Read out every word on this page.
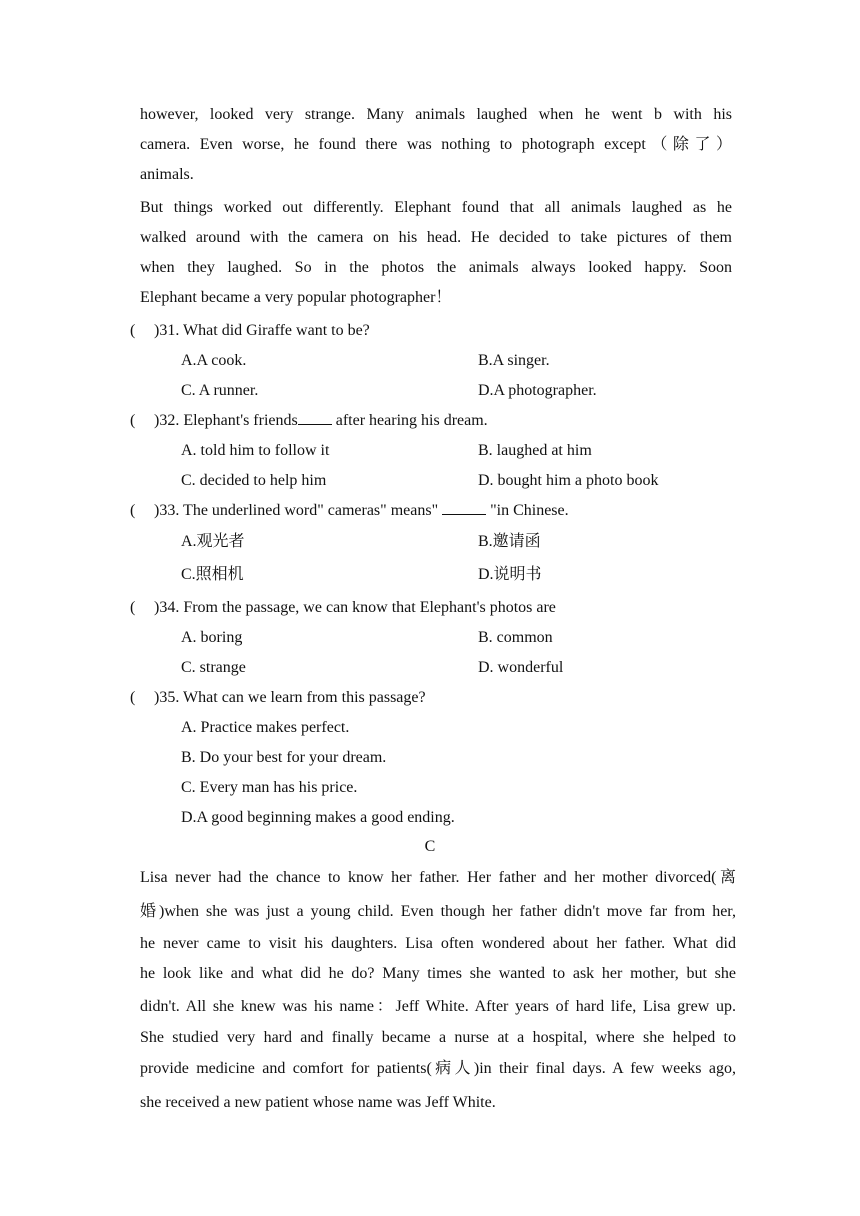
however, looked very strange. Many animals laughed when he went b with his
camera. Even worse, he found there was nothing to photograph except（除了）
animals.
But things worked out differently. Elephant found that all animals laughed as he
walked around with the camera on his head. He decided to take pictures of them
when they laughed. So in the photos the animals always looked happy. Soon
Elephant became a very popular photographer！
( )31. What did Giraffe want to be?
A.A cook.	B.A singer.
C. A runner.	D.A photographer.
( )32. Elephant's friends after hearing his dream.
A. told him to follow it	B. laughed at him
C. decided to help him	D. bought him a photo book
( )33. The underlined word" cameras" means"	"in Chinese.
A.观光者	B.邀请函
C.照相机	D.说明书
( )34. From the passage, we can know that Elephant's photos are
A. boring	B. common
C. strange	D. wonderful
( )35. What can we learn from this passage?
A. Practice makes perfect.
B. Do your best for your dream.
C. Every man has his price.
D.A good beginning makes a good ending.
C
Lisa never had the chance to know her father. Her father and her mother divorced(离
婚)when she was just a young child. Even though her father didn't move far from her,
he never came to visit his daughters. Lisa often wondered about her father. What did
he look like and what did he do? Many times she wanted to ask her mother, but she
didn't. All she knew was his name：Jeff White. After years of hard life, Lisa grew up.
She studied very hard and finally became a nurse at a hospital, where she helped to
provide medicine and comfort for patients(病人)in their final days. A few weeks ago,
she received a new patient whose name was Jeff White.
